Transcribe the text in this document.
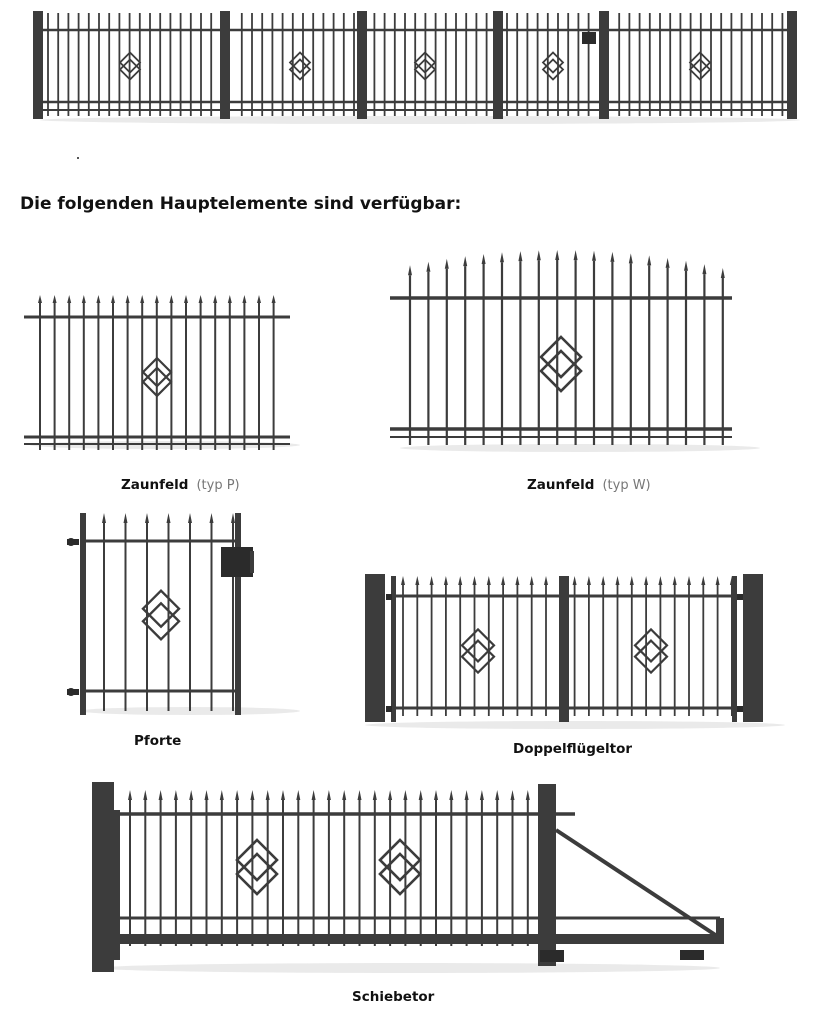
Die folgenden Hauptelemente sind verfügbar:
Zaunfeld (typ P)	Zaunfeld (typ W)
Pforte	Doppelflügeltor
Schiebetor
